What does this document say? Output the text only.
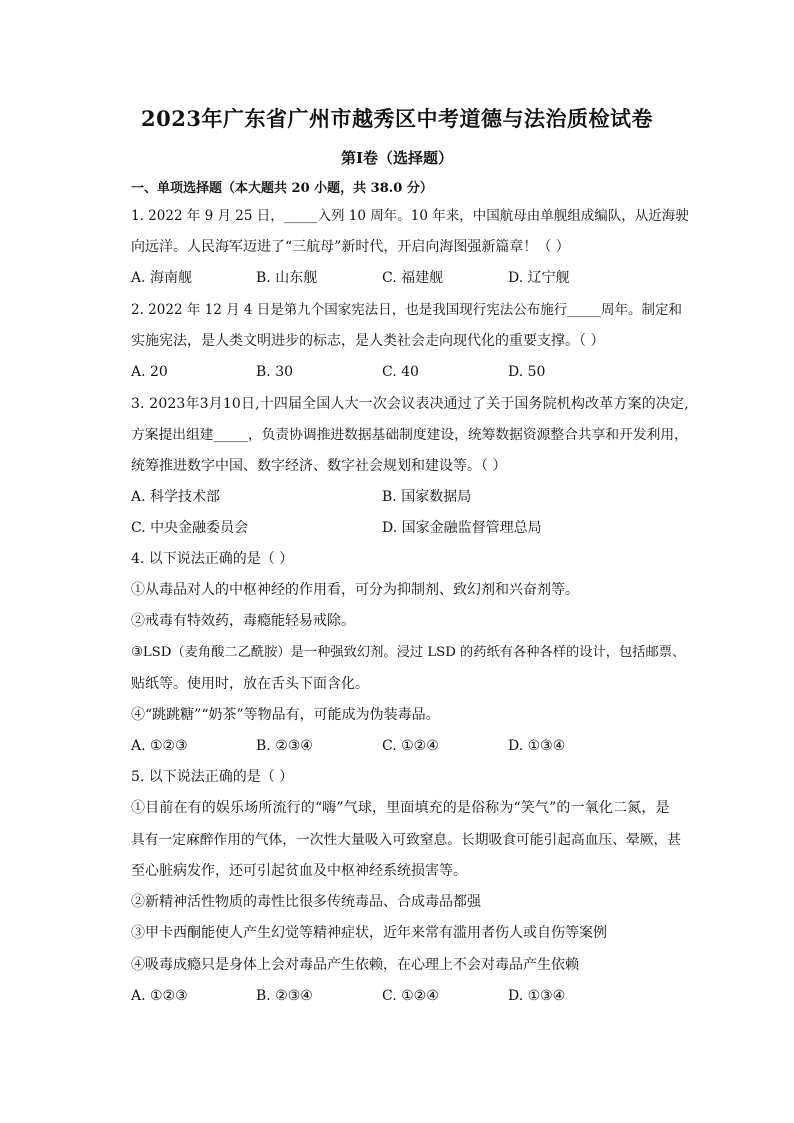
2023年广东省广州市越秀区中考道德与法治质检试卷
第I卷（选择题）
一、单项选择题（本大题共 20 小题，共 38.0 分）
1. 2022 年 9 月 25 日，_____入列 10 周年。10 年来，中国航母由单舰组成编队，从近海驶
向远洋。人民海军迈进了“三航母”新时代，开启向海图强新篇章！（ ）
A. 海南舰	B. 山东舰	C. 福建舰	D. 辽宁舰
2. 2022 年 12 月 4 日是第九个国家宪法日，也是我国现行宪法公布施行_____周年。制定和
实施宪法，是人类文明进步的标志，是人类社会走向现代化的重要支撑。（ ）
A. 20	B. 30	C. 40	D. 50
3. 2023年3月10日,十四届全国人大一次会议表决通过了关于国务院机构改革方案的决定,
方案提出组建_____，负责协调推进数据基础制度建设，统筹数据资源整合共享和开发利用，
统筹推进数字中国、数字经济、数字社会规划和建设等。（ ）
A. 科学技术部	B. 国家数据局
C. 中央金融委员会	D. 国家金融监督管理总局
4. 以下说法正确的是（ ）
①从毒品对人的中枢神经的作用看，可分为抑制剂、致幻剂和兴奋剂等。
②戒毒有特效药，毒瘾能轻易戒除。
③LSD（麦角酸二乙酰胺）是一种强致幻剂。浸过 LSD 的药纸有各种各样的设计，包括邮票、
贴纸等。使用时，放在舌头下面含化。
④“跳跳糖”“奶茶”等物品有，可能成为伪装毒品。
A. ①②③	B. ②③④	C. ①②④	D. ①③④
5. 以下说法正确的是（ ）
①目前在有的娱乐场所流行的“嗨”气球，里面填充的是俗称为“笑气”的一氧化二氮，是
具有一定麻醉作用的气体，一次性大量吸入可致窒息。长期吸食可能引起高血压、晕厥，甚
至心脏病发作，还可引起贫血及中枢神经系统损害等。
②新精神活性物质的毒性比很多传统毒品、合成毒品都强
③甲卡西酮能使人产生幻觉等精神症状，近年来常有滥用者伤人或自伤等案例
④吸毒成瘾只是身体上会对毒品产生依赖，在心理上不会对毒品产生依赖
A. ①②③	B. ②③④	C. ①②④	D. ①③④
